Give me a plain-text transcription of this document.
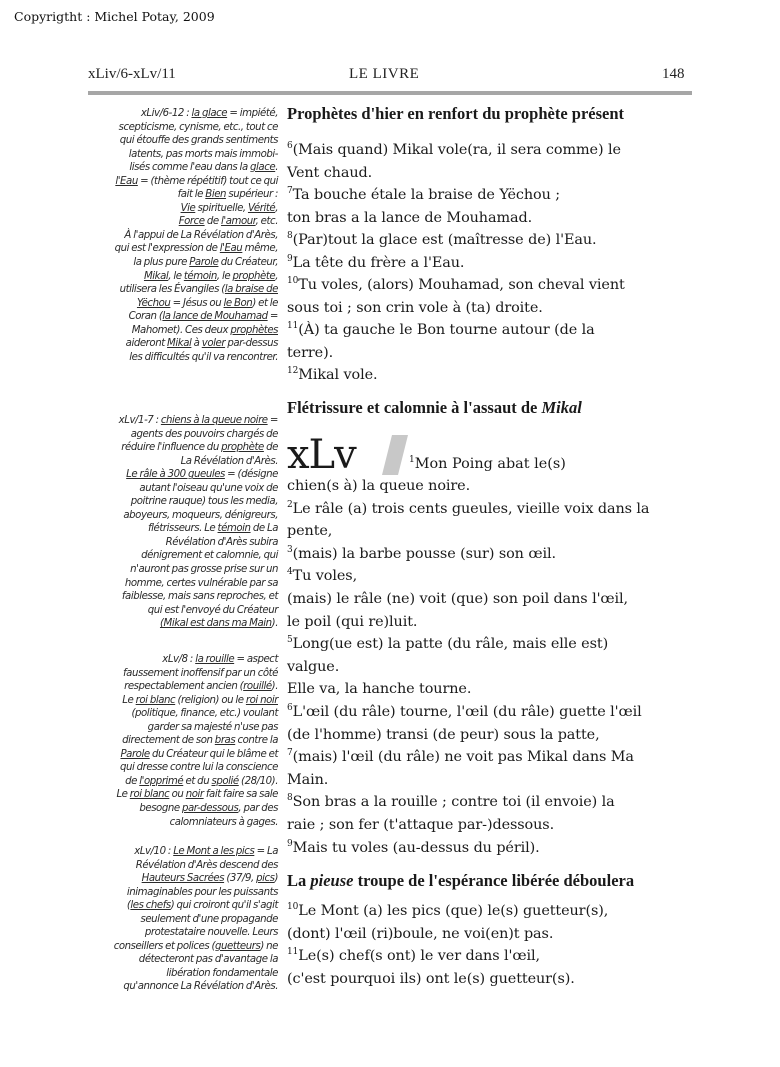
Copyrigtht : Michel Potay, 2009
xLiv/6-xLv/11	LE LIVRE	148
xLiv/6-12 : la glace = impiété,
scepticisme, cynisme, etc., tout ce
qui étouffe des grands sentiments
latents, pas morts mais immobi-
lisés comme l'eau dans la glace.
l'Eau = (thème répétitif) tout ce qui
fait le Bien supérieur :
Vie spirituelle, Vérité,
Force de l'amour, etc.
À l'appui de La Révélation d'Arès,
qui est l'expression de l'Eau même,
la plus pure Parole du Créateur,
Mikal, le témoin, le prophète,
utilisera les Évangiles (la braise de
Yëchou = Jésus ou le Bon) et le
Coran (la lance de Mouhamad =
Mahomet). Ces deux prophètes
aideront Mikal à voler par-dessus
les difficultés qu'il va rencontrer.
xLv/1-7 : chiens à la queue noire =
agents des pouvoirs chargés de
réduire l'influence du prophète de
La Révélation d'Arès.
Le râle à 300 gueules = (désigne
autant l'oiseau qu'une voix de
poitrine rauque) tous les media,
aboyeurs, moqueurs, dénigreurs,
flétrisseurs. Le témoin de La
Révélation d'Arès subira
dénigrement et calomnie, qui
n'auront pas grosse prise sur un
homme, certes vulnérable par sa
faiblesse, mais sans reproches, et
qui est l'envoyé du Créateur
(Mikal est dans ma Main).
xLv/8 : la rouille = aspect
faussement inoffensif par un côté
respectablement ancien (rouillé).
Le roi blanc (religion) ou le roi noir
(politique, finance, etc.) voulant
garder sa majesté n'use pas
directement de son bras contre la
Parole du Créateur qui le blâme et
qui dresse contre lui la conscience
de l'opprimé et du spolié (28/10).
Le roi blanc ou noir fait faire sa sale
besogne par-dessous, par des
calomniateurs à gages.
xLv/10 : Le Mont a les pics = La
Révélation d'Arès descend des
Hauteurs Sacrées (37/9, pics)
inimaginables pour les puissants
(les chefs) qui croiront qu'il s'agit
seulement d'une propagande
protestataire nouvelle. Leurs
conseillers et polices (guetteurs) ne
détecteront pas d'avantage la
libération fondamentale
qu'annonce La Révélation d'Arès.
Prophètes d'hier en renfort du prophète présent
Flétrissure et calomnie à l'assaut de Mikal
La pieuse troupe de l'espérance libérée déboulera
$^6$(Mais quand) Mikal vole(ra, il sera comme) le
Vent chaud.
$^7$Ta bouche étale la braise de Yëchou ;
ton bras a la lance de Mouhamad.
$^8$(Par)tout la glace est (maîtresse de) l'Eau.
$^9$La tête du frère a l'Eau.
$^{10}$Tu voles, (alors) Mouhamad, son cheval vient
sous toi ; son crin vole à (ta) droite.
$^{11}$(À) ta gauche le Bon tourne autour (de la
terre).
$^{12}$Mikal vole.
xLv	$^1$Mon Poing abat le(s)
chien(s à) la queue noire.
$^2$Le râle (a) trois cents gueules, vieille voix dans la
pente,
$^3$(mais) la barbe pousse (sur) son œil.
$^4$Tu voles,
(mais) le râle (ne) voit (que) son poil dans l'œil,
le poil (qui re)luit.
$^5$Long(ue est) la patte (du râle, mais elle est)
valgue.
Elle va, la hanche tourne.
$^6$L'œil (du râle) tourne, l'œil (du râle) guette l'œil
(de l'homme) transi (de peur) sous la patte,
$^7$(mais) l'œil (du râle) ne voit pas Mikal dans Ma
Main.
$^8$Son bras a la rouille ; contre toi (il envoie) la
raie ; son fer (t'attaque par-)dessous.
$^9$Mais tu voles (au-dessus du péril).
$^{10}$Le Mont (a) les pics (que) le(s) guetteur(s),
(dont) l'œil (ri)boule, ne voi(en)t pas.
$^{11}$Le(s) chef(s ont) le ver dans l'œil,
(c'est pourquoi ils) ont le(s) guetteur(s).
